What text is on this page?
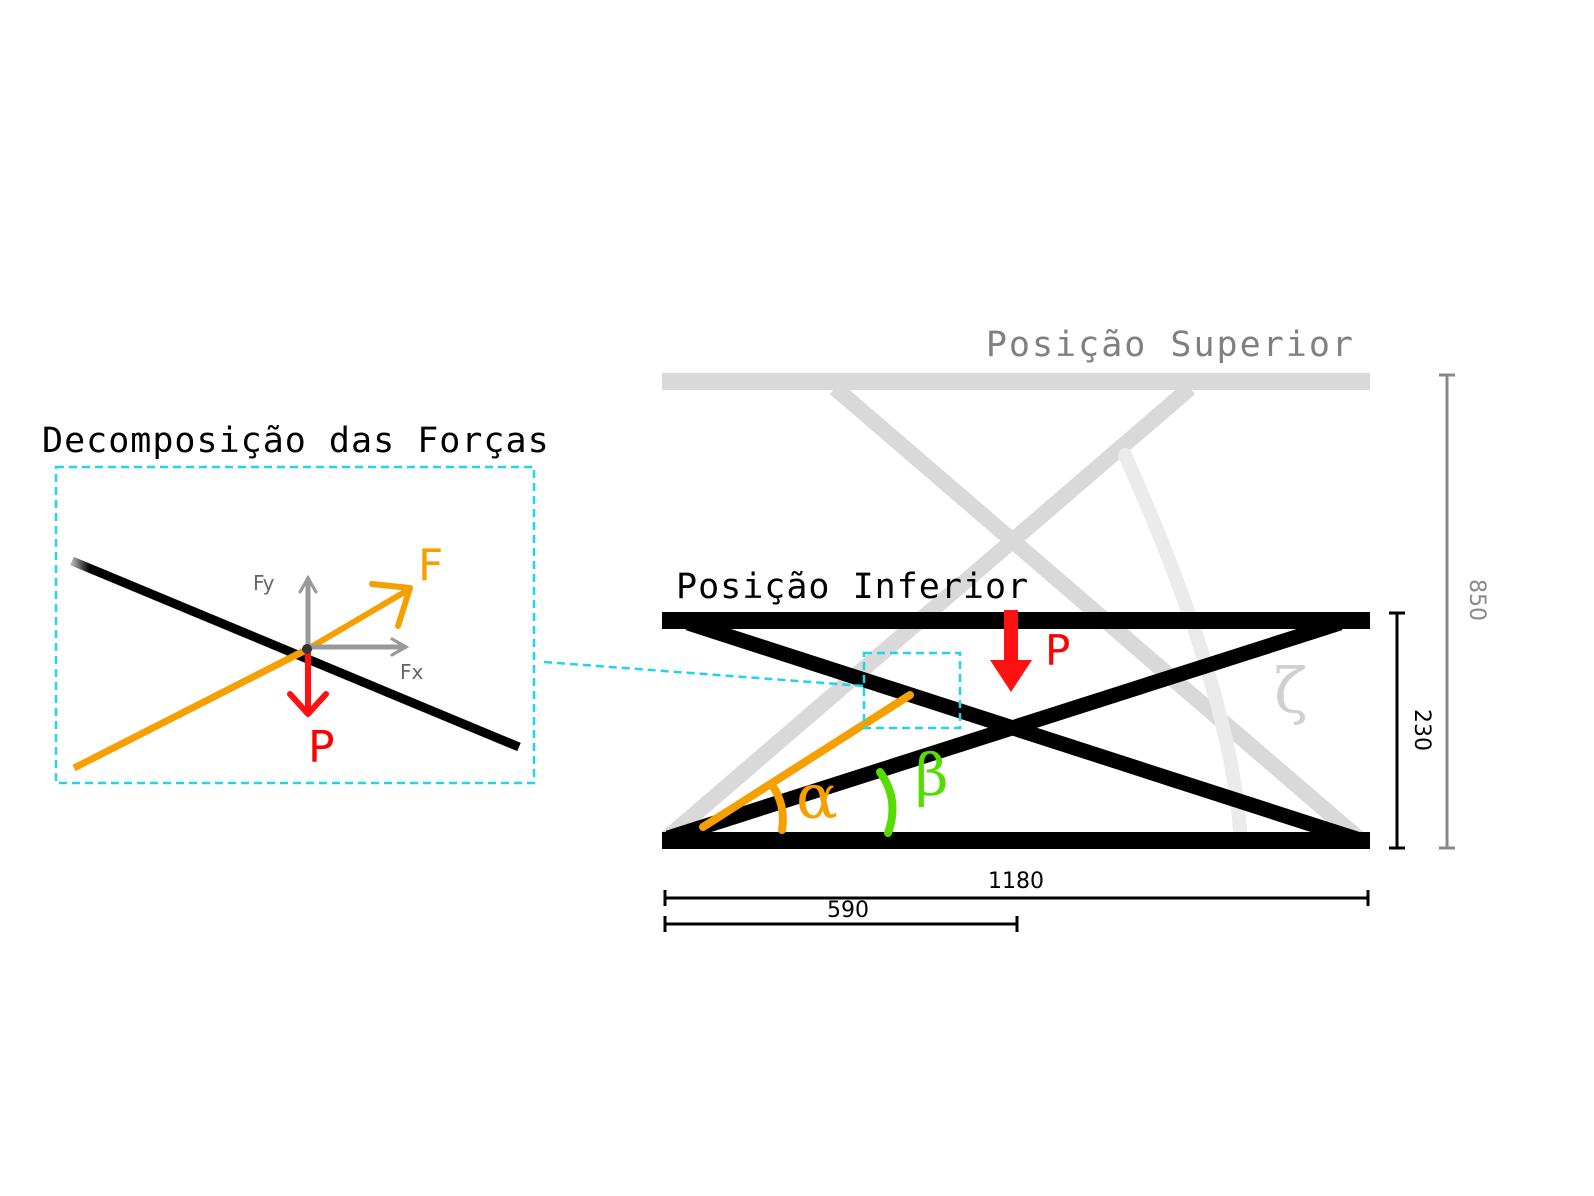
Posição Superior
Posição Inferior
P
α β
ζ
1180
590
230
850
Decomposição das Forças
F
Fx
Fy
P
